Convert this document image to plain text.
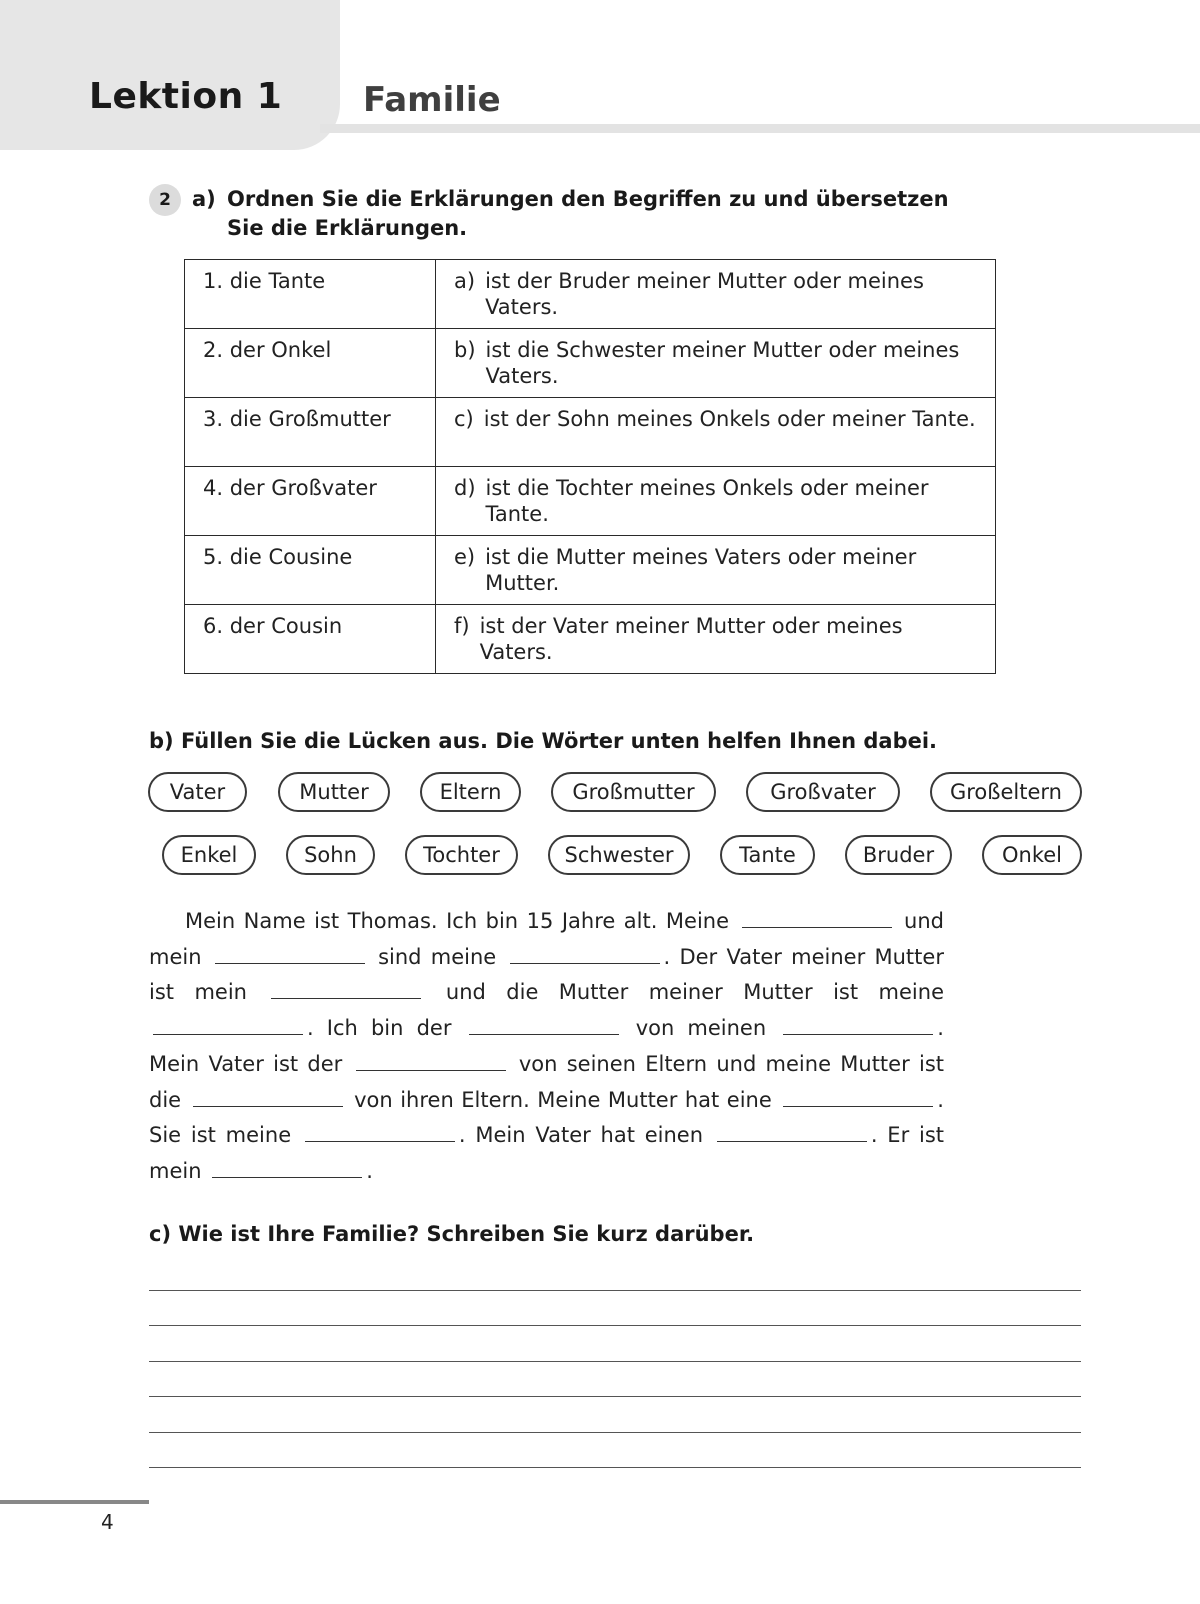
Lektion 1 Familie
2	a) Ordnen Sie die Erklärungen den Begriffen zu und übersetzen Sie die Erklärungen.
1. die Tante	a) ist der Bruder meiner Mutter oder meines Vaters.

2. der Onkel	b) ist die Schwester meiner Mutter oder meines Vaters.

3. die Großmutter	c) ist der Sohn meines Onkels oder meiner Tante.

4. der Großvater	d) ist die Tochter meines Onkels oder meiner Tante.

5. die Cousine	e) ist die Mutter meines Vaters oder meiner Mutter.

6. der Cousin	f) ist der Vater meiner Mutter oder meines Vaters.
b) Füllen Sie die Lücken aus. Die Wörter unten helfen Ihnen dabei.
Vater	Mutter	Eltern	Großmutter	Großvater	Großeltern
Enkel	Sohn	Tochter	Schwester	Tante	Bruder	Onkel
Mein Name ist Thomas. Ich bin 15 Jahre alt. Meine	und mein	sind meine	. Der Vater meiner Mutter ist mein	und die Mutter meiner Mutter ist meine . Ich bin der	von meinen	. Mein Vater ist der	von seinen Eltern und meine Mutter ist die	von ihren Eltern. Meine Mutter hat eine	. Sie ist meine	. Mein Vater hat einen	. Er ist mein	.
c) Wie ist Ihre Familie? Schreiben Sie kurz darüber.
4
